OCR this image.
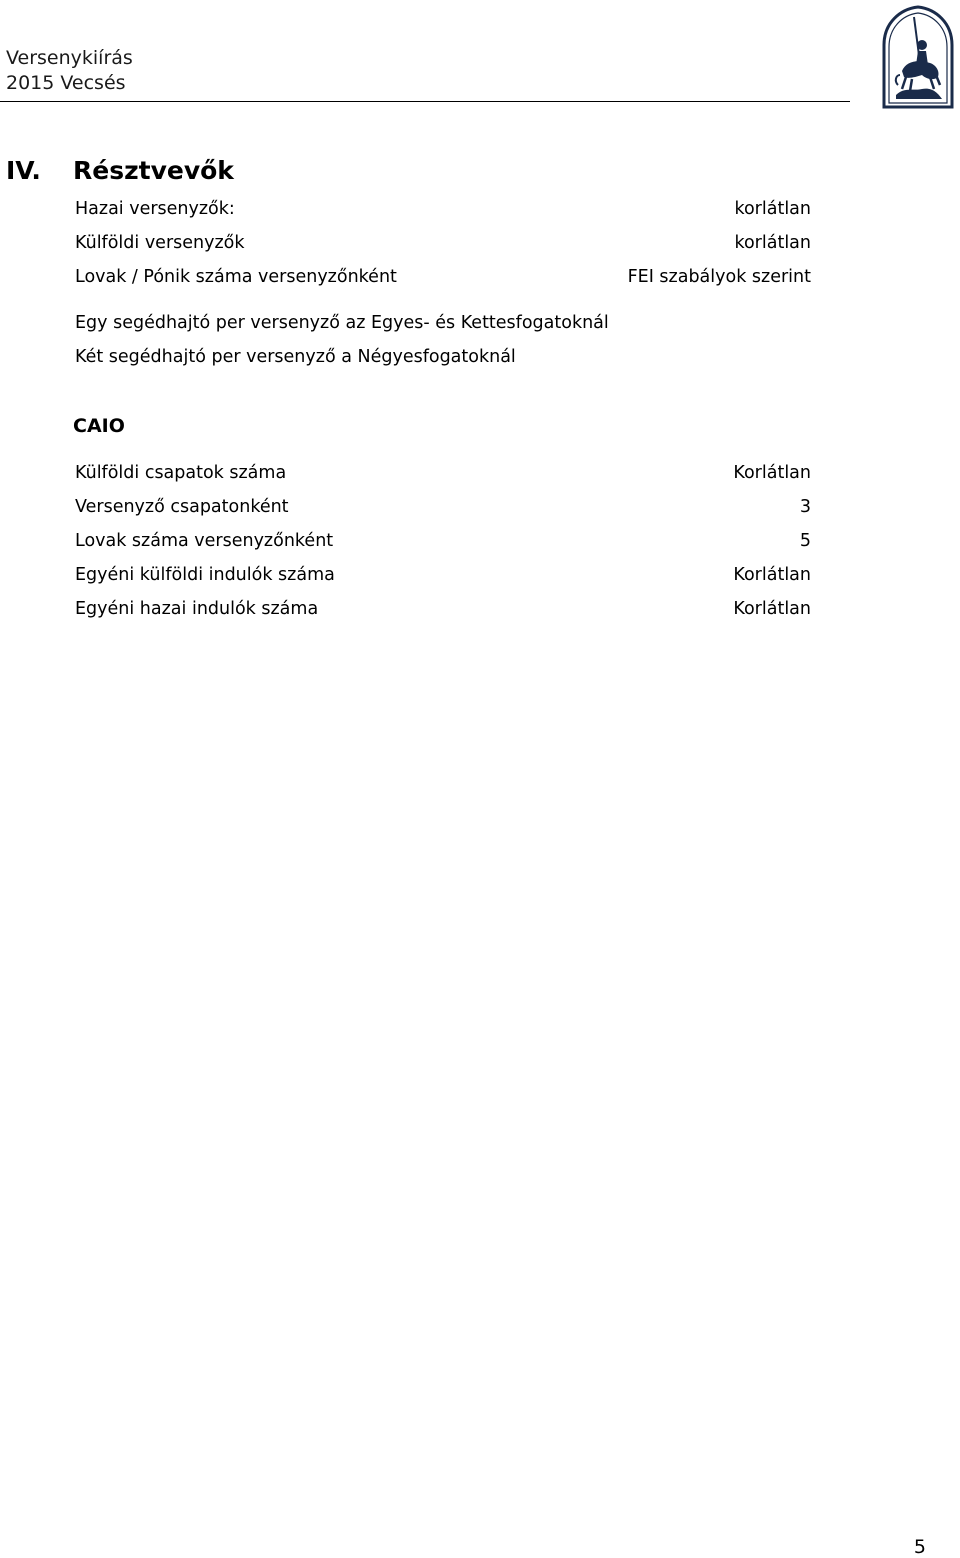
Versenykiírás
2015 Vecsés
IV. Résztvevők
Hazai versenyzők:	korlátlan
Külföldi versenyzők	korlátlan
Lovak / Pónik száma versenyzőnként	FEI szabályok szerint
Egy segédhajtó per versenyző az Egyes- és Kettesfogatoknál
Két segédhajtó per versenyző a Négyesfogatoknál
CAIO
Külföldi csapatok száma	Korlátlan
Versenyző csapatonként	3
Lovak száma versenyzőnként	5
Egyéni külföldi indulók száma	Korlátlan
Egyéni hazai indulók száma	Korlátlan
5
